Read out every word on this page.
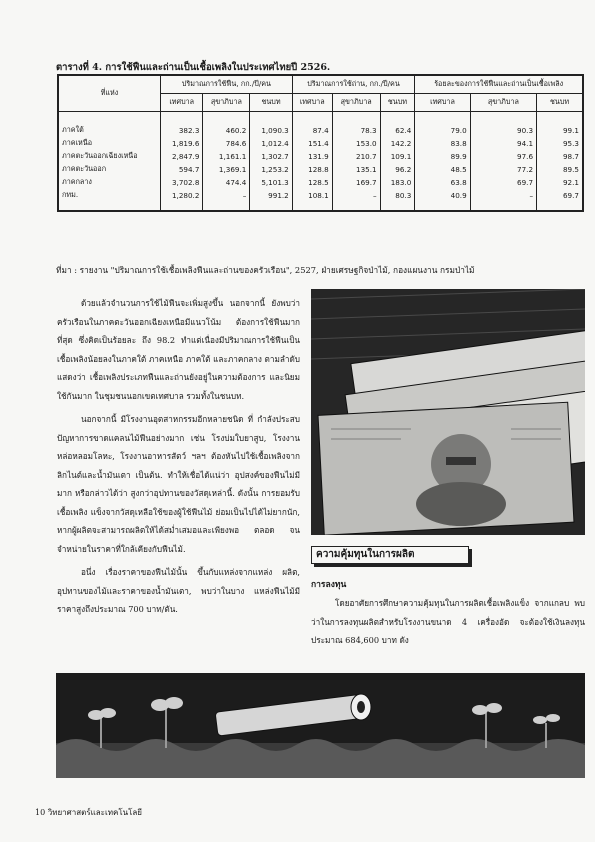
ตารางที่ 4. การใช้ฟืนและถ่านเป็นเชื้อเพลิงในประเทศไทยปี 2526.
ที่แห่ง	ปริมาณการใช้ฟืน, กก./ปี/คน			ปริมาณการใช้ถ่าน, กก./ปี/คน			ร้อยละของการใช้ฟืนและถ่านเป็นเชื้อเพลิง		
	เทศบาล	สุขาภิบาล	ชนบท	เทศบาล	สุขาภิบาล	ชนบท	เทศบาล	สุขาภิบาล	ชนบท
ภาคใต้	382.3	460.2	1,090.3	87.4	78.3	62.4	79.0	90.3	99.1
ภาคเหนือ	1,819.6	784.6	1,012.4	151.4	153.0	142.2	83.8	94.1	95.3
ภาคตะวันออกเฉียงเหนือ	2,847.9	1,161.1	1,302.7	131.9	210.7	109.1	89.9	97.6	98.7
ภาคตะวันออก	594.7	1,369.1	1,253.2	128.8	135.1	96.2	48.5	77.2	89.5
ภาคกลาง	3,702.8	474.4	5,101.3	128.5	169.7	183.0	63.8	69.7	92.1
กทม.	1,280.2	–	991.2	108.1	–	80.3	40.9	–	69.7
ที่มา : รายงาน "ปริมาณการใช้เชื้อเพลิงฟืนและถ่านของครัวเรือน", 2527, ฝ่ายเศรษฐกิจป่าไม้, กองแผนงาน กรมป่าไม้

ด้วยแล้วจำนวนการใช้ไม้ฟืนจะเพิ่มสูงขึ้น นอกจากนี้ ยังพบว่าครัวเรือนในภาคตะวันออกเฉียงเหนือมีแนวโน้ม ต้องการใช้ฟืนมากที่สุด ซึ่งคิดเป็นร้อยละ ถึง 98.2 ทำแต่เนื่องมีปริมาณการใช้ฟืนเป็นเชื้อเพลิงน้อยลงในภาคใต้ ภาคเหนือ ภาคใต้ และภาคกลาง ตามลำดับ แสดงว่า เชื้อเพลิงประเภทฟืนและถ่านยังอยู่ในความต้องการ และนิยม ใช้กันมาก ในชุมชนนอกเขตเทศบาล รวมทั้งในชนบท.

นอกจากนี้ มีโรงงานอุตสาหกรรมอีกหลายชนิด ที่ กำลังประสบปัญหาการขาดแคลนไม้ฟืนอย่างมาก เช่น โรงบ่มใบยาสูบ, โรงงานหล่อหลอมโลหะ, โรงงานอาหารสัตว์ ฯลฯ ต้องหันไปใช้เชื้อเพลิงจากลิกไนต์และน้ำมันเตา เป็นต้น. ทำให้เชื่อได้แน่ว่า อุปสงค์ของฟืนไม่มีมาก หรือกล่าวได้ว่า สูงกว่าอุปทานของวัสดุเหล่านี้. ดังนั้น การยอมรับเชื้อเพลิง แข็งจากวัสดุเหลือใช้ของผู้ใช้ฟืนไม้ ย่อมเป็นไปได้ไม่ยากนัก, หากผู้ผลิตจะสามารถผลิตให้ได้สม่ำเสมอและเพียงพอ ตลอด จนจำหน่ายในราคาที่ใกล้เคียงกับฟืนไม้.

อนึ่ง เรื่องราคาของฟืนไม้นั้น ขึ้นกับแหล่งจากแหล่ง ผลิต, อุปทานของไม้และราคาของน้ำมันเตา, พบว่าในบาง แหล่งฟืนไม้มีราคาสูงถึงประมาณ 700 บาท/ตัน.

ความคุ้มทุนในการผลิต
การลงทุน

โดยอาศัยการศึกษาความคุ้มทุนในการผลิตเชื้อเพลิงแข็ง จากแกลบ พบว่าในการลงทุนผลิตสำหรับโรงงานขนาด 4 เครื่องอัด จะต้องใช้เงินลงทุนประมาณ 684,600 บาท ดัง

10 วิทยาศาสตร์และเทคโนโลยี
